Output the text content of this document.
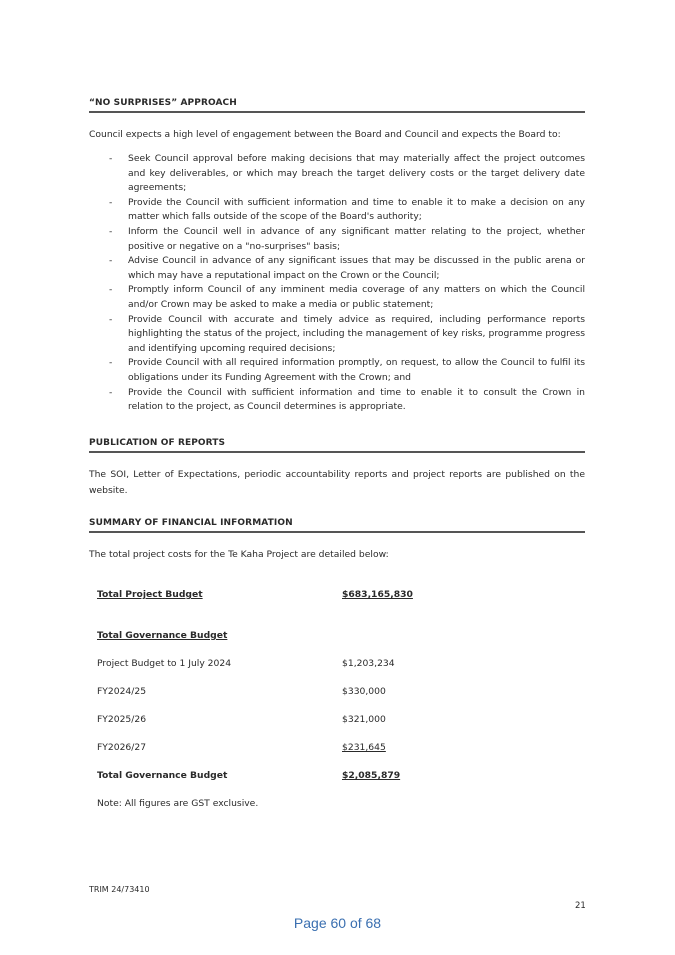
“NO SURPRISES” APPROACH
Council expects a high level of engagement between the Board and Council and expects the Board to:
- Seek Council approval before making decisions that may materially affect the project outcomes and key deliverables, or which may breach the target delivery costs or the target delivery date agreements;
- Provide the Council with sufficient information and time to enable it to make a decision on any matter which falls outside of the scope of the Board's authority;
- Inform the Council well in advance of any significant matter relating to the project, whether positive or negative on a "no-surprises" basis;
- Advise Council in advance of any significant issues that may be discussed in the public arena or which may have a reputational impact on the Crown or the Council;
- Promptly inform Council of any imminent media coverage of any matters on which the Council and/or Crown may be asked to make a media or public statement;
- Provide Council with accurate and timely advice as required, including performance reports highlighting the status of the project, including the management of key risks, programme progress and identifying upcoming required decisions;
- Provide Council with all required information promptly, on request, to allow the Council to fulfil its obligations under its Funding Agreement with the Crown; and
- Provide the Council with sufficient information and time to enable it to consult the Crown in relation to the project, as Council determines is appropriate.
PUBLICATION OF REPORTS
The SOI, Letter of Expectations, periodic accountability reports and project reports are published on the website.
SUMMARY OF FINANCIAL INFORMATION
The total project costs for the Te Kaha Project are detailed below:
Total Project Budget	$683,165,830
Total Governance Budget
Project Budget to 1 July 2024	$1,203,234
FY2024/25	$330,000
FY2025/26	$321,000
FY2026/27	$231,645
Total Governance Budget	$2,085,879
Note: All figures are GST exclusive.
TRIM 24/73410
21
Page 60 of 68
